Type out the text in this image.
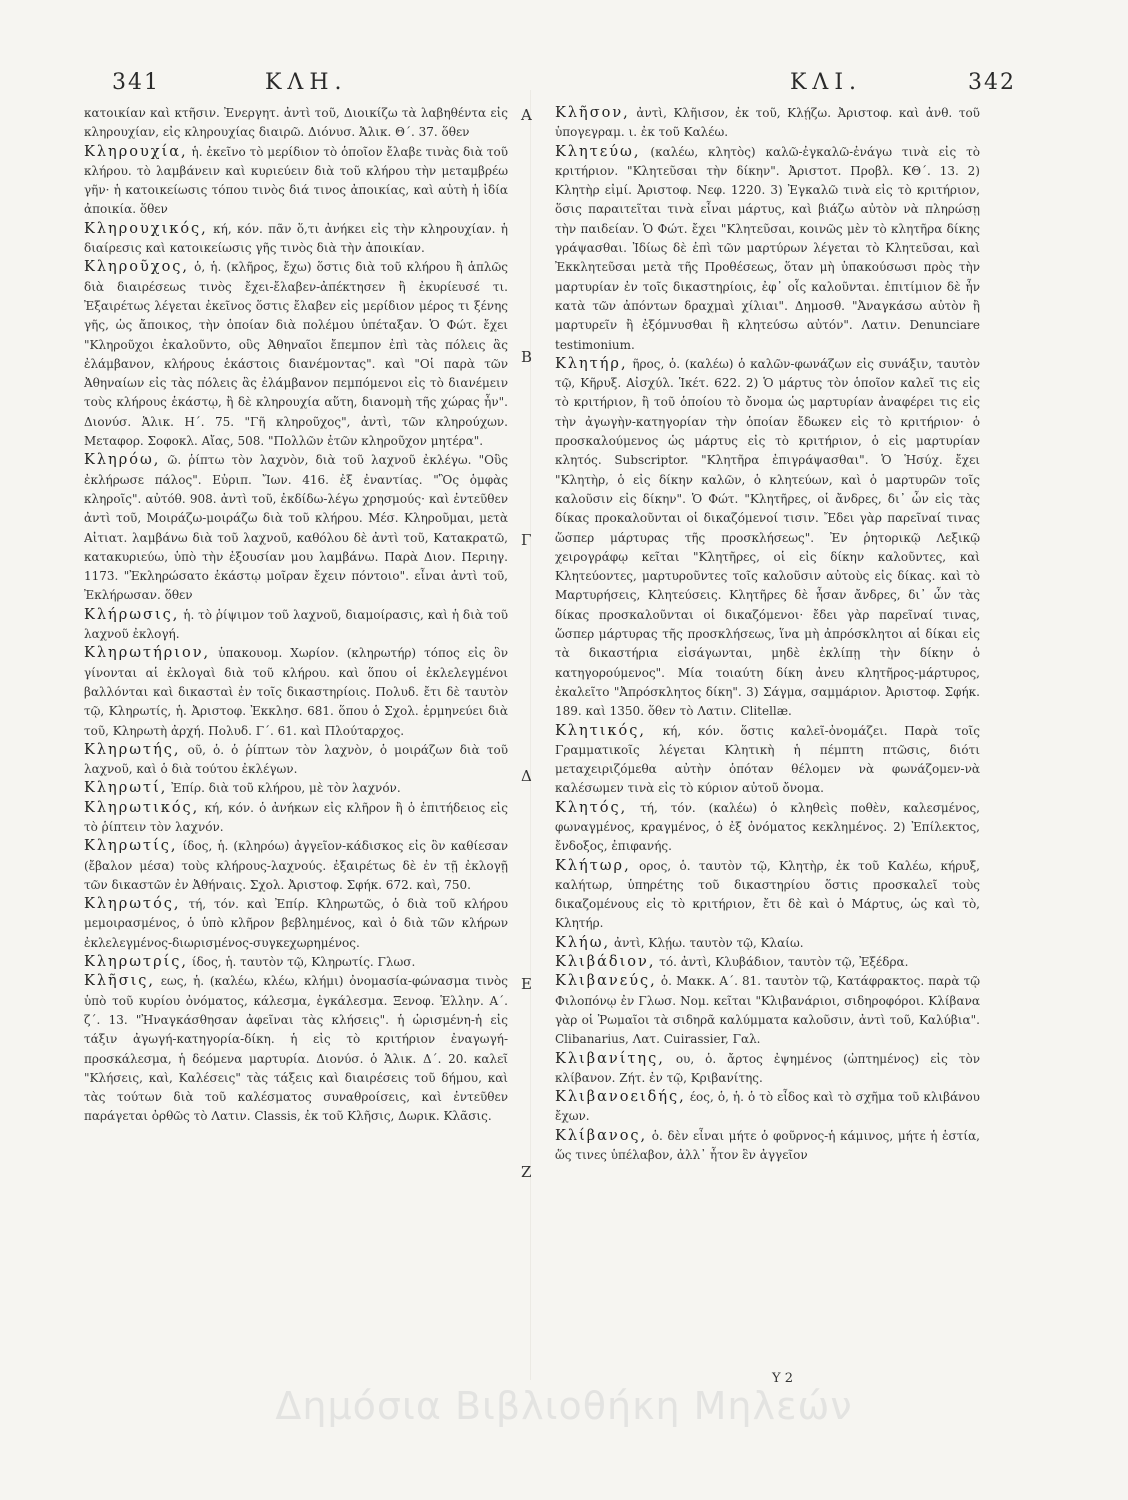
341	ΚΛΗ.	ΚΛΙ.	342

κατοικίαν καὶ κτῆσιν. Ἐνεργητ. ἀντὶ τοῦ, Διοικίζω τὰ λαβηθέντα εἰς κληρουχίαν, εἰς κληρουχίας διαιρῶ. Διόνυσ. Ἁλικ. Θ΄. 37. ὅθεν

Κληρουχία, ἡ. ἐκεῖνο τὸ μερίδιον τὸ ὁποῖον ἔλαβε τινὰς διὰ τοῦ κλήρου. τὸ λαμβάνειν καὶ κυριεύειν διὰ τοῦ κλήρου τὴν μεταμβρέω γῆν· ἡ κατοικείωσις τόπου τινὸς διά τινος ἀποικίας, καὶ αὐτὴ ἡ ἰδία ἀποικία. ὅθεν

Κληρουχικός, κή, κόν. πᾶν ὅ,τι ἀνήκει εἰς τὴν κληρουχίαν. ἡ διαίρεσις καὶ κατοικείωσις γῆς τινὸς διὰ τὴν ἀποικίαν.

Κληροῦχος, ὁ, ἡ. (κλῆρος, ἔχω) ὅστις διὰ τοῦ κλήρου ἢ ἁπλῶς διὰ διαιρέσεως τινὸς ἔχει-ἔλαβεν-ἀπέκτησεν ἢ ἐκυρίευσέ τι. Ἐξαιρέτως λέγεται ἐκεῖνος ὅστις ἔλαβεν εἰς μερίδιον μέρος τι ξένης γῆς, ὡς ἄποικος, τὴν ὁποίαν διὰ πολέμου ὑπέταξαν. Ὁ Φώτ. ἔχει "Κληροῦχοι ἐκαλοῦντο, οὓς Ἀθηναῖοι ἔπεμπον ἐπὶ τὰς πόλεις ἃς ἐλάμβανον, κλήρους ἑκάστοις διανέμοντας". καὶ "Οἱ παρὰ τῶν Ἀθηναίων εἰς τὰς πόλεις ἃς ἐλάμβανον πεμπόμενοι εἰς τὸ διανέμειν τοὺς κλήρους ἑκάστῳ, ἢ δὲ κληρουχία αὕτη, διανομὴ τῆς χώρας ἦν". Διονύσ. Ἁλικ. Η΄. 75. "Γῆ κληροῦχος", ἀντὶ, τῶν κληρούχων. Μεταφορ. Σοφοκλ. Αἴας, 508. "Πολλῶν ἐτῶν κληροῦχον μητέρα".

Κληρόω, ῶ. ῥίπτω τὸν λαχνὸν, διὰ τοῦ λαχνοῦ ἐκλέγω. "Οὓς ἐκλήρωσε πάλος". Εὐριπ. Ἴων. 416. ἐξ ἐναντίας. "Ὃς ὁμφὰς κληροῖς". αὐτόθ. 908. ἀντὶ τοῦ, ἐκδίδω-λέγω χρησμούς· καὶ ἐντεῦθεν ἀντὶ τοῦ, Μοιράζω-μοιράζω διὰ τοῦ κλήρου. Μέσ. Κληροῦμαι, μετὰ Αἰτιατ. λαμβάνω διὰ τοῦ λαχνοῦ, καθόλου δὲ ἀντὶ τοῦ, Κατακρατῶ, κατακυριεύω, ὑπὸ τὴν ἐξουσίαν μου λαμβάνω. Παρὰ Διον. Περιηγ. 1173. "Ἐκληρώσατο ἑκάστῳ μοῖραν ἔχειν πόντοιο". εἶναι ἀντὶ τοῦ, Ἐκλήρωσαν. ὅθεν

Κλήρωσις, ἡ. τὸ ῥίψιμον τοῦ λαχνοῦ, διαμοίρασις, καὶ ἡ διὰ τοῦ λαχνοῦ ἐκλογή.

Κληρωτήριον, ὑπακουομ. Χωρίον. (κληρωτήρ) τόπος εἰς ὃν γίνονται αἱ ἐκλογαὶ διὰ τοῦ κλήρου. καὶ ὅπου οἱ ἐκλελεγμένοι βαλλόνται καὶ δικασταὶ ἐν τοῖς δικαστηρίοις. Πολυδ. ἔτι δὲ ταυτὸν τῷ, Κληρωτίς, ἡ. Ἀριστοφ. Ἐκκλησ. 681. ὅπου ὁ Σχολ. ἑρμηνεύει διὰ τοῦ, Κληρωτὴ ἀρχή. Πολυδ. Γ΄. 61. καὶ Πλούταρχος.

Κληρωτής, οῦ, ὁ. ὁ ῥίπτων τὸν λαχνὸν, ὁ μοιράζων διὰ τοῦ λαχνοῦ, καὶ ὁ διὰ τούτου ἐκλέγων.

Κληρωτί, Ἐπίρ. διὰ τοῦ κλήρου, μὲ τὸν λαχνόν.

Κληρωτικός, κή, κόν. ὁ ἀνήκων εἰς κλῆρον ἢ ὁ ἐπιτήδειος εἰς τὸ ῥίπτειν τὸν λαχνόν.

Κληρωτίς, ίδος, ἡ. (κληρόω) ἀγγεῖον-κάδισκος εἰς ὃν καθίεσαν (ἔβαλον μέσα) τοὺς κλήρους-λαχνούς. ἐξαιρέτως δὲ ἐν τῇ ἐκλογῇ τῶν δικαστῶν ἐν Ἀθήναις. Σχολ. Ἀριστοφ. Σφήκ. 672. καὶ, 750.

Κληρωτός, τή, τόν. καὶ Ἐπίρ. Κληρωτῶς, ὁ διὰ τοῦ κλήρου μεμοιρασμένος, ὁ ὑπὸ κλῆρον βεβλημένος, καὶ ὁ διὰ τῶν κλήρων ἐκλελεγμένος-διωρισμένος-συγκεχωρημένος.

Κληρωτρίς, ίδος, ἡ. ταυτὸν τῷ, Κληρωτίς. Γλωσ.

Κλῆσις, εως, ἡ. (καλέω, κλέω, κλήμι) ὀνομασία-φώνασμα τινὸς ὑπὸ τοῦ κυρίου ὀνόματος, κάλεσμα, ἐγκάλεσμα. Ξενοφ. Ἑλλην. Α΄. ζ΄. 13. "Ἠναγκάσθησαν ἀφεῖναι τὰς κλήσεις". ἡ ὡρισμένη-ἡ εἰς τάξιν ἀγωγή-κατηγορία-δίκη. ἡ εἰς τὸ κριτήριον ἐναγωγή-προσκάλεσμα, ἡ δεόμενα μαρτυρία. Διονύσ. ὁ Ἁλικ. Δ΄. 20. καλεῖ "Κλήσεις, καὶ, Καλέσεις" τὰς τάξεις καὶ διαιρέσεις τοῦ δήμου, καὶ τὰς τούτων διὰ τοῦ καλέσματος συναθροίσεις, καὶ ἐντεῦθεν παράγεται ὀρθῶς τὸ Λατιν. Classis, ἐκ τοῦ Κλῆσις, Δωρικ. Κλᾶσις.

Κλῆσον, ἀντὶ, Κλῆισον, ἐκ τοῦ, Κλῄζω. Ἀριστοφ. καὶ ἀνθ. τοῦ ὑπογεγραμ. ι. ἐκ τοῦ Καλέω.

Κλητεύω, (καλέω, κλητὸς) καλῶ-ἐγκαλῶ-ἐνάγω τινὰ εἰς τὸ κριτήριον. "Κλητεῦσαι τὴν δίκην". Ἀριστοτ. Προβλ. ΚΘ΄. 13. 2) Κλητὴρ εἰμί. Ἀριστοφ. Νεφ. 1220. 3) Ἐγκαλῶ τινὰ εἰς τὸ κριτήριον, ὅσις παραιτεῖται τινὰ εἶναι μάρτυς, καὶ βιάζω αὐτὸν νὰ πληρώσῃ τὴν παιδείαν. Ὁ Φώτ. ἔχει "Κλητεῦσαι, κοινῶς μὲν τὸ κλητῆρα δίκης γράψασθαι. Ἰδίως δὲ ἐπὶ τῶν μαρτύρων λέγεται τὸ Κλητεῦσαι, καὶ Ἐκκλητεῦσαι μετὰ τῆς Προθέσεως, ὅταν μὴ ὑπακούσωσι πρὸς τὴν μαρτυρίαν ἐν τοῖς δικαστηρίοις, ἐφ᾽ οἷς καλοῦνται. ἐπιτίμιον δὲ ἦν κατὰ τῶν ἀπόντων δραχμαὶ χίλιαι". Δημοσθ. "Ἀναγκάσω αὐτὸν ἢ μαρτυρεῖν ἢ ἐξόμνυσθαι ἢ κλητεύσω αὐτόν". Λατιν. Denunciare testimonium.

Κλητήρ, ῆρος, ὁ. (καλέω) ὁ καλῶν-φωνάζων εἰς συνάξιν, ταυτὸν τῷ, Κῆρυξ. Αἰσχύλ. Ἱκέτ. 622. 2) Ὁ μάρτυς τὸν ὁποῖον καλεῖ τις εἰς τὸ κριτήριον, ἢ τοῦ ὁποίου τὸ ὄνομα ὡς μαρτυρίαν ἀναφέρει τις εἰς τὴν ἀγωγὴν-κατηγορίαν τὴν ὁποίαν ἔδωκεν εἰς τὸ κριτήριον· ὁ προσκαλούμενος ὡς μάρτυς εἰς τὸ κριτήριον, ὁ εἰς μαρτυρίαν κλητός. Subscriptor. "Κλητῆρα ἐπιγράψασθαι". Ὁ Ἡσύχ. ἔχει "Κλητὴρ, ὁ εἰς δίκην καλῶν, ὁ κλητεύων, καὶ ὁ μαρτυρῶν τοῖς καλοῦσιν εἰς δίκην". Ὁ Φώτ. "Κλητῆρες, οἱ ἄνδρες, δι᾽ ὧν εἰς τὰς δίκας προκαλοῦνται οἱ δικαζόμενοί τισιν. Ἔδει γὰρ παρεῖναί τινας ὥσπερ μάρτυρας τῆς προσκλήσεως". Ἐν ῥητορικῷ Λεξικῷ χειρογράφῳ κεῖται "Κλητῆρες, οἱ εἰς δίκην καλοῦντες, καὶ Κλητεύοντες, μαρτυροῦντες τοῖς καλοῦσιν αὐτοὺς εἰς δίκας. καὶ τὸ Μαρτυρήσεις, Κλητεύσεις. Κλητῆρες δὲ ἦσαν ἄνδρες, δι᾽ ὧν τὰς δίκας προσκαλοῦνται οἱ δικαζόμενοι· ἔδει γὰρ παρεῖναί τινας, ὥσπερ μάρτυρας τῆς προσκλήσεως, ἵνα μὴ ἀπρόσκλητοι αἱ δίκαι εἰς τὰ δικαστήρια εἰσάγωνται, μηδὲ ἐκλίπῃ τὴν δίκην ὁ κατηγορούμενος". Μία τοιαύτη δίκη ἀνευ κλητῆρος-μάρτυρος, ἐκαλεῖτο "Ἀπρόσκλητος δίκη". 3) Σάγμα, σαμμάριον. Ἀριστοφ. Σφήκ. 189. καὶ 1350. ὅθεν τὸ Λατιν. Clitellæ.

Κλητικός, κή, κόν. ὅστις καλεῖ-ὀνομάζει. Παρὰ τοῖς Γραμματικοῖς λέγεται Κλητικὴ ἡ πέμπτη πτῶσις, διότι μεταχειριζόμεθα αὐτὴν ὁπόταν θέλομεν νὰ φωνάζομεν-νὰ καλέσωμεν τινὰ εἰς τὸ κύριον αὐτοῦ ὄνομα.

Κλητός, τή, τόν. (καλέω) ὁ κληθεὶς ποθὲν, καλεσμένος, φωναγμένος, κραγμένος, ὁ ἐξ ὀνόματος κεκλημένος. 2) Ἐπίλεκτος, ἔνδοξος, ἐπιφανής.

Κλήτωρ, ορος, ὁ. ταυτὸν τῷ, Κλητὴρ, ἐκ τοῦ Καλέω, κήρυξ, καλήτωρ, ὑπηρέτης τοῦ δικαστηρίου ὅστις προσκαλεῖ τοὺς δικαζομένους εἰς τὸ κριτήριον, ἔτι δὲ καὶ ὁ Μάρτυς, ὡς καὶ τὸ, Κλητήρ.

Κλήω, ἀντὶ, Κλῄω. ταυτὸν τῷ, Κλαίω.

Κλιβάδιον, τό. ἀντὶ, Κλυβάδιον, ταυτὸν τῷ, Ἐξέδρα.

Κλιβανεύς, ὁ. Μακκ. Α΄. 81. ταυτὸν τῷ, Κατάφρακτος. παρὰ τῷ Φιλοπόνῳ ἐν Γλωσ. Νομ. κεῖται "Κλιβανάριοι, σιδηροφόροι. Κλίβανα γὰρ οἱ Ῥωμαῖοι τὰ σιδηρᾶ καλύμματα καλοῦσιν, ἀντὶ τοῦ, Καλύβια". Clibanarius, Λατ. Cuirassier, Γαλ.

Κλιβανίτης, ου, ὁ. ἄρτος ἐψημένος (ὠπτημένος) εἰς τὸν κλίβανον. Ζήτ. ἐν τῷ, Κριβανίτης.

Κλιβανοειδής, έος, ὁ, ἡ. ὁ τὸ εἶδος καὶ τὸ σχῆμα τοῦ κλιβάνου ἔχων.

Κλίβανος, ὁ. δὲν εἶναι μήτε ὁ φοῦρνος-ἡ κάμινος, μήτε ἡ ἑστία, ὥς τινες ὑπέλαβον, ἀλλ᾽ ἦτον ἓν ἀγγεῖον

Α
Β
Γ
Δ
Ε
Ζ
Υ 2
Δημόσια Βιβλιοθήκη Μηλεών
